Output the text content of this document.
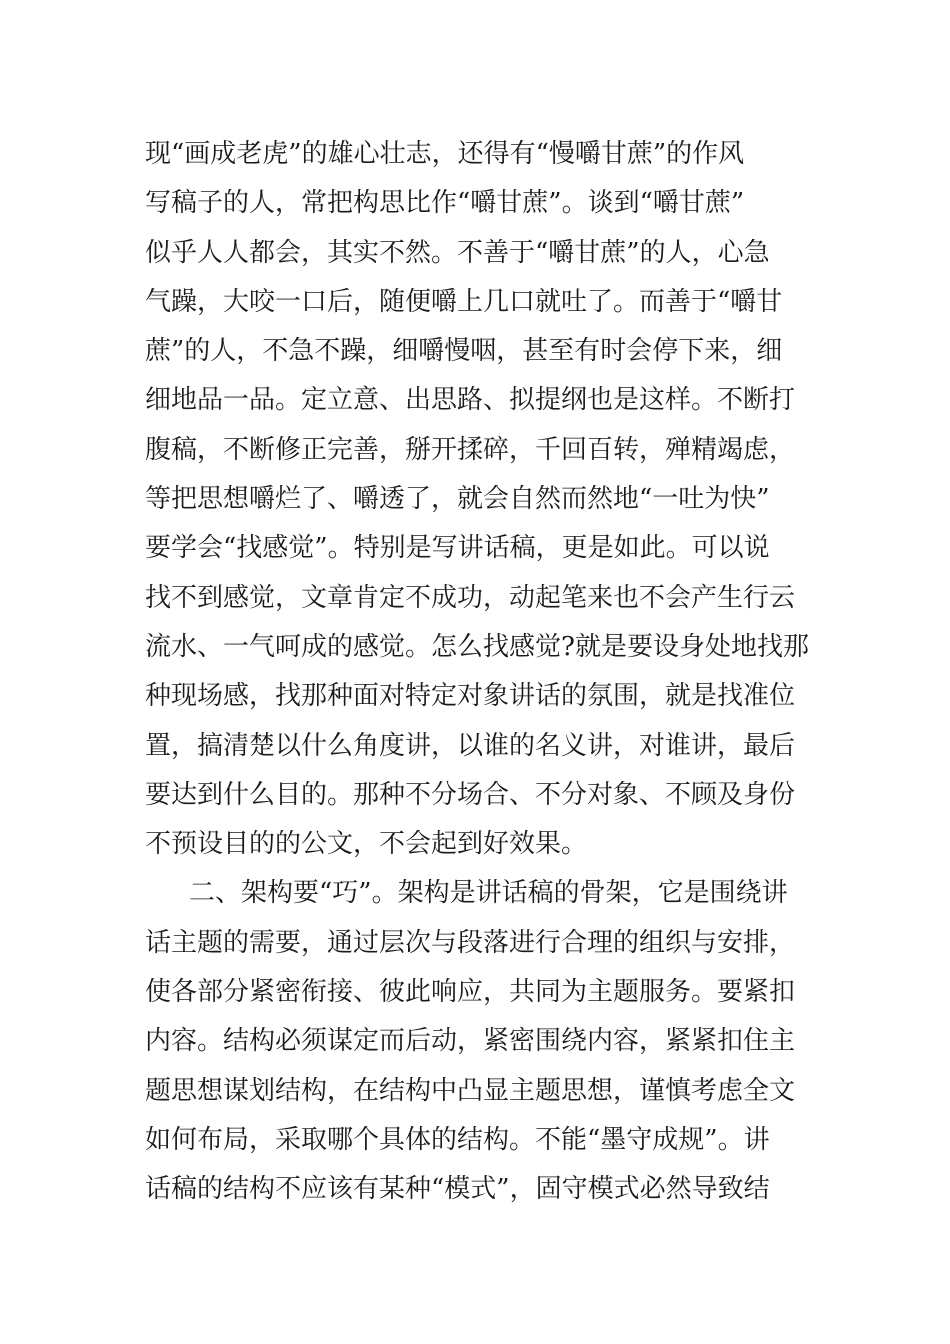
现“画成老虎”的雄心壮志，还得有“慢嚼甘蔗”的作风
写稿子的人，常把构思比作“嚼甘蔗”。谈到“嚼甘蔗”
似乎人人都会，其实不然。不善于“嚼甘蔗”的人，心急
气躁，大咬一口后，随便嚼上几口就吐了。而善于“嚼甘
蔗”的人，不急不躁，细嚼慢咽，甚至有时会停下来，细
细地品一品。定立意、出思路、拟提纲也是这样。不断打
腹稿，不断修正完善，掰开揉碎，千回百转，殚精竭虑，
等把思想嚼烂了、嚼透了，就会自然而然地“一吐为快”
要学会“找感觉”。特别是写讲话稿，更是如此。可以说
找不到感觉，文章肯定不成功，动起笔来也不会产生行云
流水、一气呵成的感觉。怎么找感觉?就是要设身处地找那
种现场感，找那种面对特定对象讲话的氛围，就是找准位
置，搞清楚以什么角度讲，以谁的名义讲，对谁讲，最后
要达到什么目的。那种不分场合、不分对象、不顾及身份
不预设目的的公文，不会起到好效果。
二、架构要“巧”。架构是讲话稿的骨架，它是围绕讲
话主题的需要，通过层次与段落进行合理的组织与安排，
使各部分紧密衔接、彼此响应，共同为主题服务。要紧扣
内容。结构必须谋定而后动，紧密围绕内容，紧紧扣住主
题思想谋划结构，在结构中凸显主题思想，谨慎考虑全文
如何布局，采取哪个具体的结构。不能“墨守成规”。讲
话稿的结构不应该有某种“模式”，固守模式必然导致结
